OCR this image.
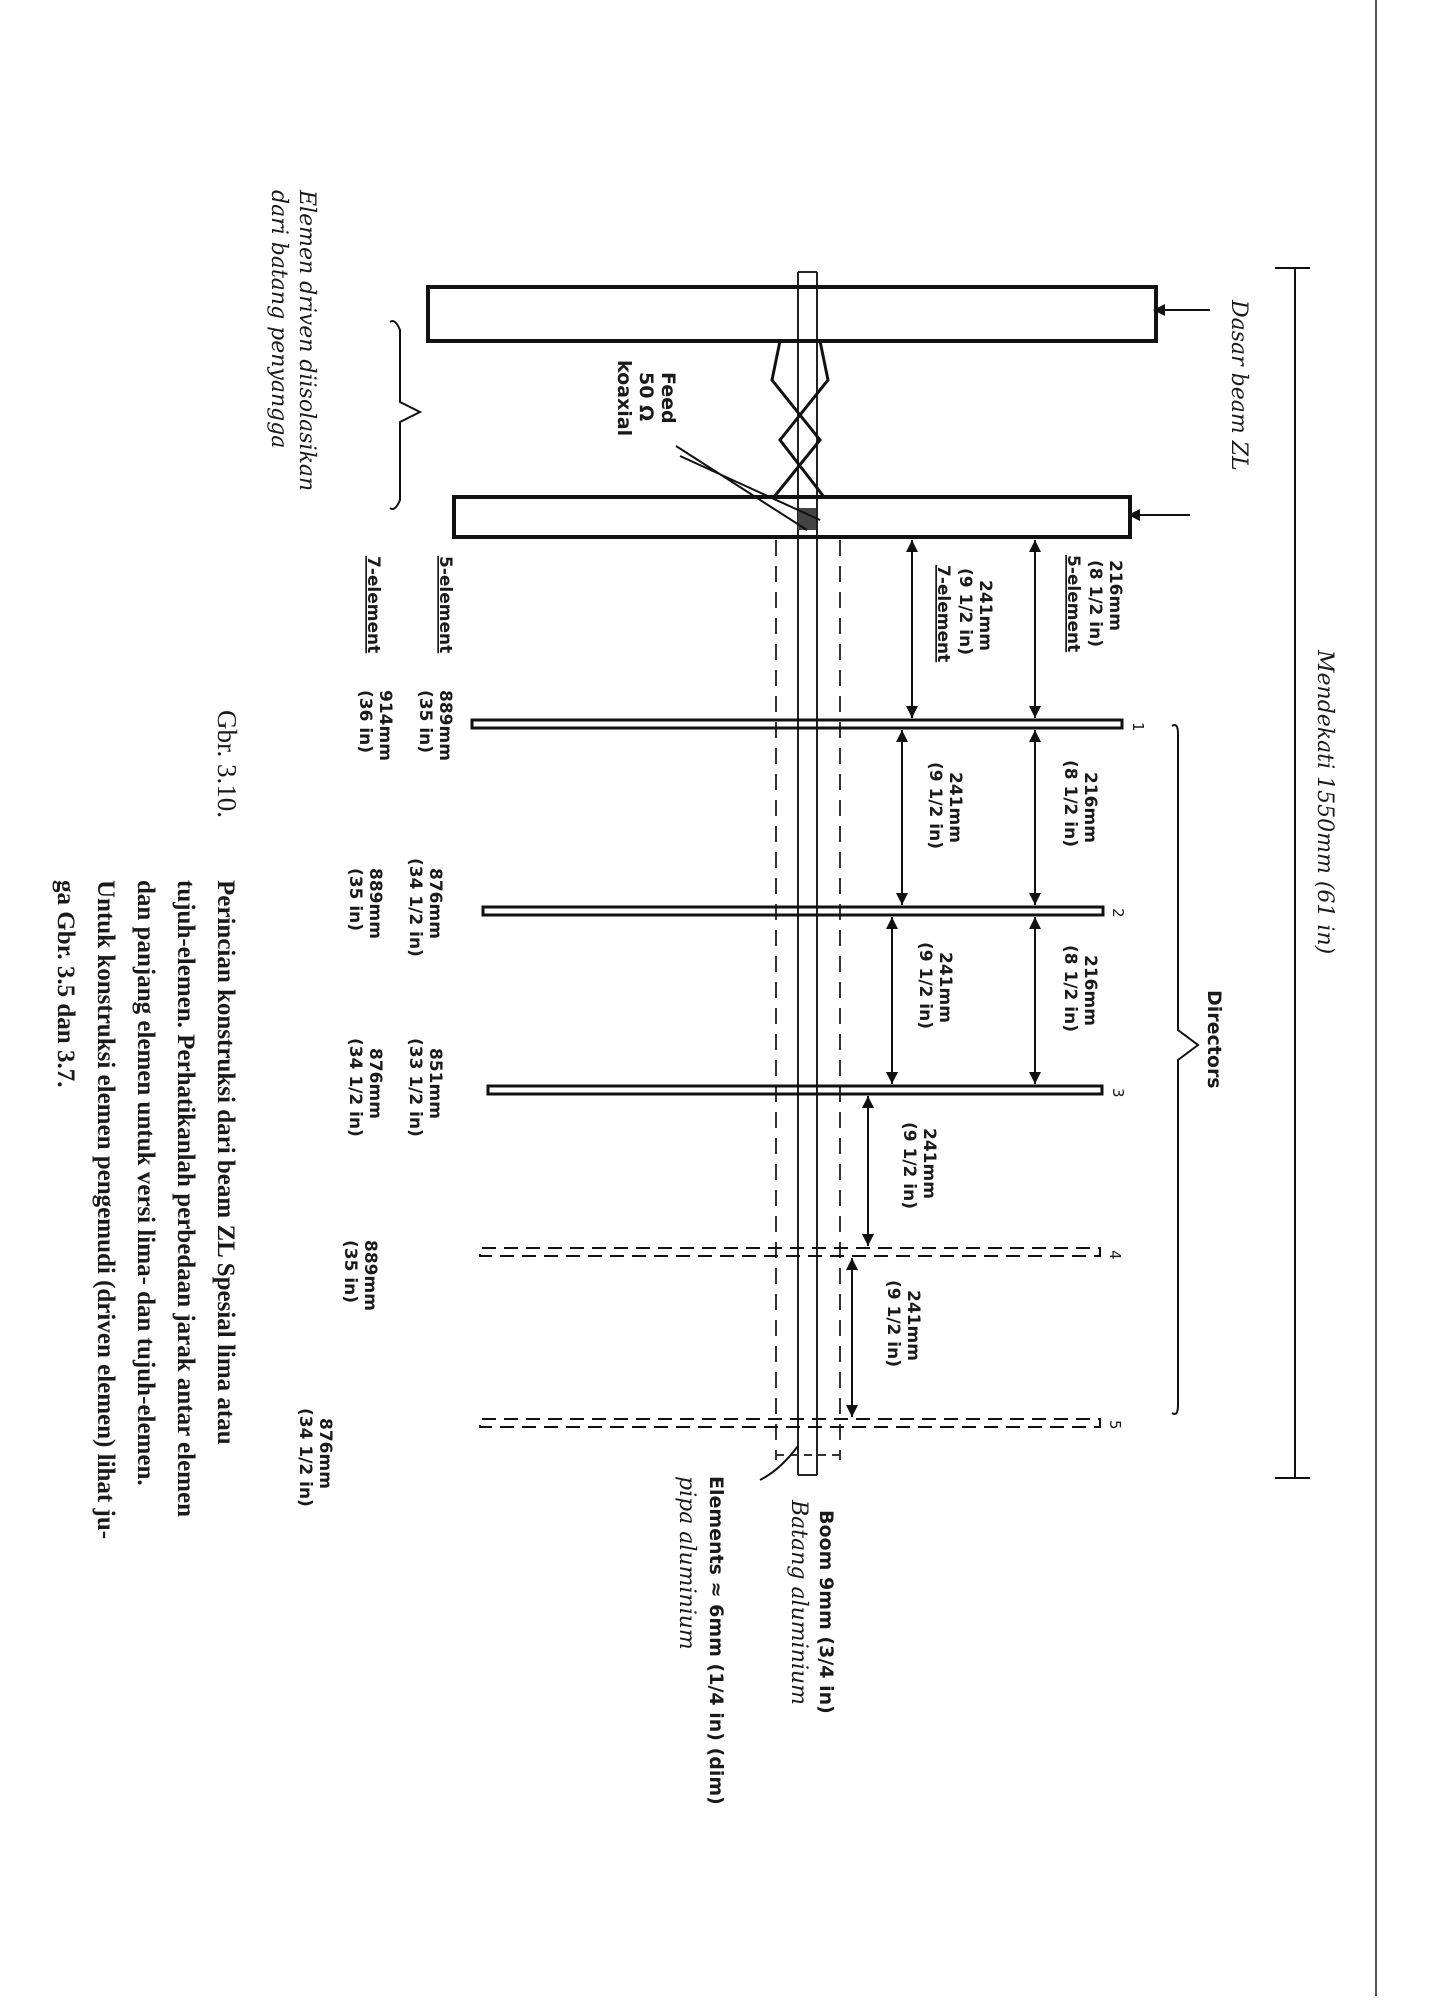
1
2
3
4
5
Mendekati 1550mm (61 in)
Dasar beam ZL
Feed
50 Ω
koaxial
Elemen driven diisolasikan
dari batang penyangga
Directors
216mm
(8 1/2 in)
5-element
216mm
(8 1/2 in)
216mm
(8 1/2 in)
241mm
(9 1/2 in)
7-element
241mm
(9 1/2 in)
241mm
(9 1/2 in)
241mm
(9 1/2 in)
241mm
(9 1/2 in)
5-element
7-element
889mm
(35 in)
914mm
(36 in)
876mm
(34 1/2 in)
889mm
(35 in)
851mm
(33 1/2 in)
876mm
(34 1/2 in)
889mm
(35 in)
876mm
(34 1/2 in)
Boom 9mm (3/4 in)
Batang aluminium
Elements ≈ 6mm (1/4 in) (dim)
pipa aluminium
Gbr. 3.10.
Perincian konstruksi dari beam ZL Spesial lima atau
tujuh-elemen. Perhatikanlah perbedaan jarak antar elemen
dan panjang elemen untuk versi lima- dan tujuh-elemen.
Untuk konstruksi elemen pengemudi (driven elemen) lihat ju-
ga Gbr. 3.5 dan 3.7.
